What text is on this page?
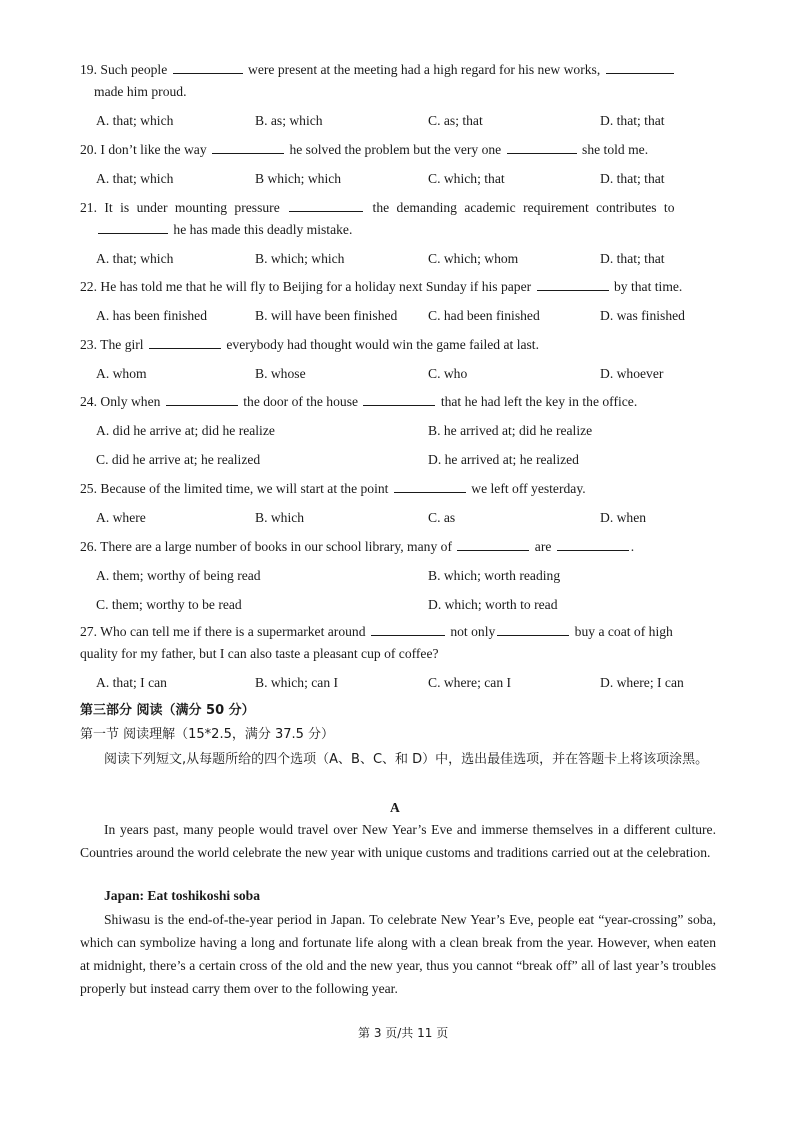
19. Such people	were present at the meeting had a high regard for his new works,
made him proud.
A. that; which	B. as; which	C. as; that	D. that; that
20. I don’t like the way	he solved the problem but the very one	she told me.
A. that; which	B which; which	C. which; that	D. that; that
21. It is under mounting pressure	the demanding academic requirement contributes to
he has made this deadly mistake.
A. that; which	B. which; which	C. which; whom	D. that; that
22. He has told me that he will fly to Beijing for a holiday next Sunday if his paper	by that time.
A. has been finished	B. will have been finished C. had been finished	D. was finished
23. The girl	everybody had thought would win the game failed at last.
A. whom	B. whose	C. who	D. whoever
24. Only when	the door of the house	that he had left the key in the office.
A. did he arrive at; did he realize	B. he arrived at; did he realize
C. did he arrive at; he realized	D. he arrived at; he realized
25. Because of the limited time, we will start at the point	we left off yesterday.
A. where	B. which	C. as	D. when
26. There are a large number of books in our school library, many of	are	.
A. them; worthy of being read	B. which; worth reading
C. them; worthy to be read	D. which; worth to read
27. Who can tell me if there is a supermarket around	not only	buy a coat of high
quality for my father, but I can also taste a pleasant cup of coffee?
A. that; I can	B. which; can I	C. where; can I	D. where; I can
第三部分 阅读（满分 50 分）
第一节 阅读理解（15*2.5，满分 37.5 分）
阅读下列短文,从每题所给的四个选项（A、B、C、和 D）中，选出最佳选项，并在答题卡上将该项涂黑。
A
In years past, many people would travel over New Year’s Eve and immerse themselves in a different culture. Countries around the world celebrate the new year with unique customs and traditions carried out at the celebration.
Japan: Eat toshikoshi soba
Shiwasu is the end-of-the-year period in Japan. To celebrate New Year’s Eve, people eat “year-crossing” soba, which can symbolize having a long and fortunate life along with a clean break from the year. However, when eaten at midnight, there’s a certain cross of the old and the new year, thus you cannot “break off” all of last year’s troubles properly but instead carry them over to the following year.
第 3 页/共 11 页
